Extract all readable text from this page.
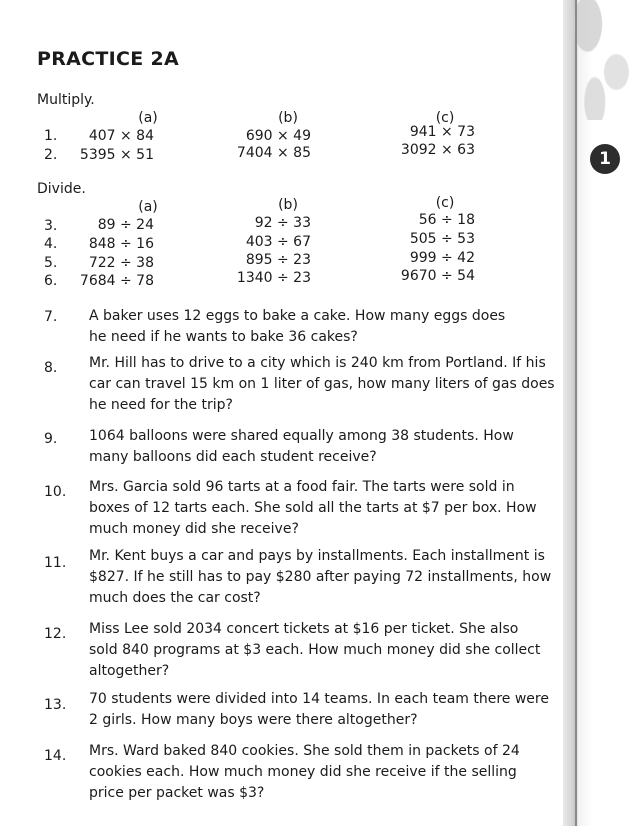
1
PRACTICE 2A
Multiply.
(a)	(b)	(c)
1. 407 × 84	690 × 49	941 × 73
2. 5395 × 51	7404 × 85	3092 × 63
Divide.
(a)	(b)	(c)
3.	89 ÷ 24	92 ÷ 33	56 ÷ 18
4. 848 ÷ 16	403 ÷ 67	505 ÷ 53
5. 722 ÷ 38	895 ÷ 23	999 ÷ 42
6. 7684 ÷ 78	1340 ÷ 23	9670 ÷ 54
7. A baker uses 12 eggs to bake a cake. How many eggs does he need if he wants to bake 36 cakes?
8. Mr. Hill has to drive to a city which is 240 km from Portland. If his car can travel 15 km on 1 liter of gas, how many liters of gas does he need for the trip?
9. 1064 balloons were shared equally among 38 students. How many balloons did each student receive?
10. Mrs. Garcia sold 96 tarts at a food fair. The tarts were sold in boxes of 12 tarts each. She sold all the tarts at $7 per box. How much money did she receive?
11. Mr. Kent buys a car and pays by installments. Each installment is $827. If he still has to pay $280 after paying 72 installments, how much does the car cost?
12. Miss Lee sold 2034 concert tickets at $16 per ticket. She also sold 840 programs at $3 each. How much money did she collect altogether?
13. 70 students were divided into 14 teams. In each team there were 2 girls. How many boys were there altogether?
14. Mrs. Ward baked 840 cookies. She sold them in packets of 24 cookies each. How much money did she receive if the selling price per packet was $3?
